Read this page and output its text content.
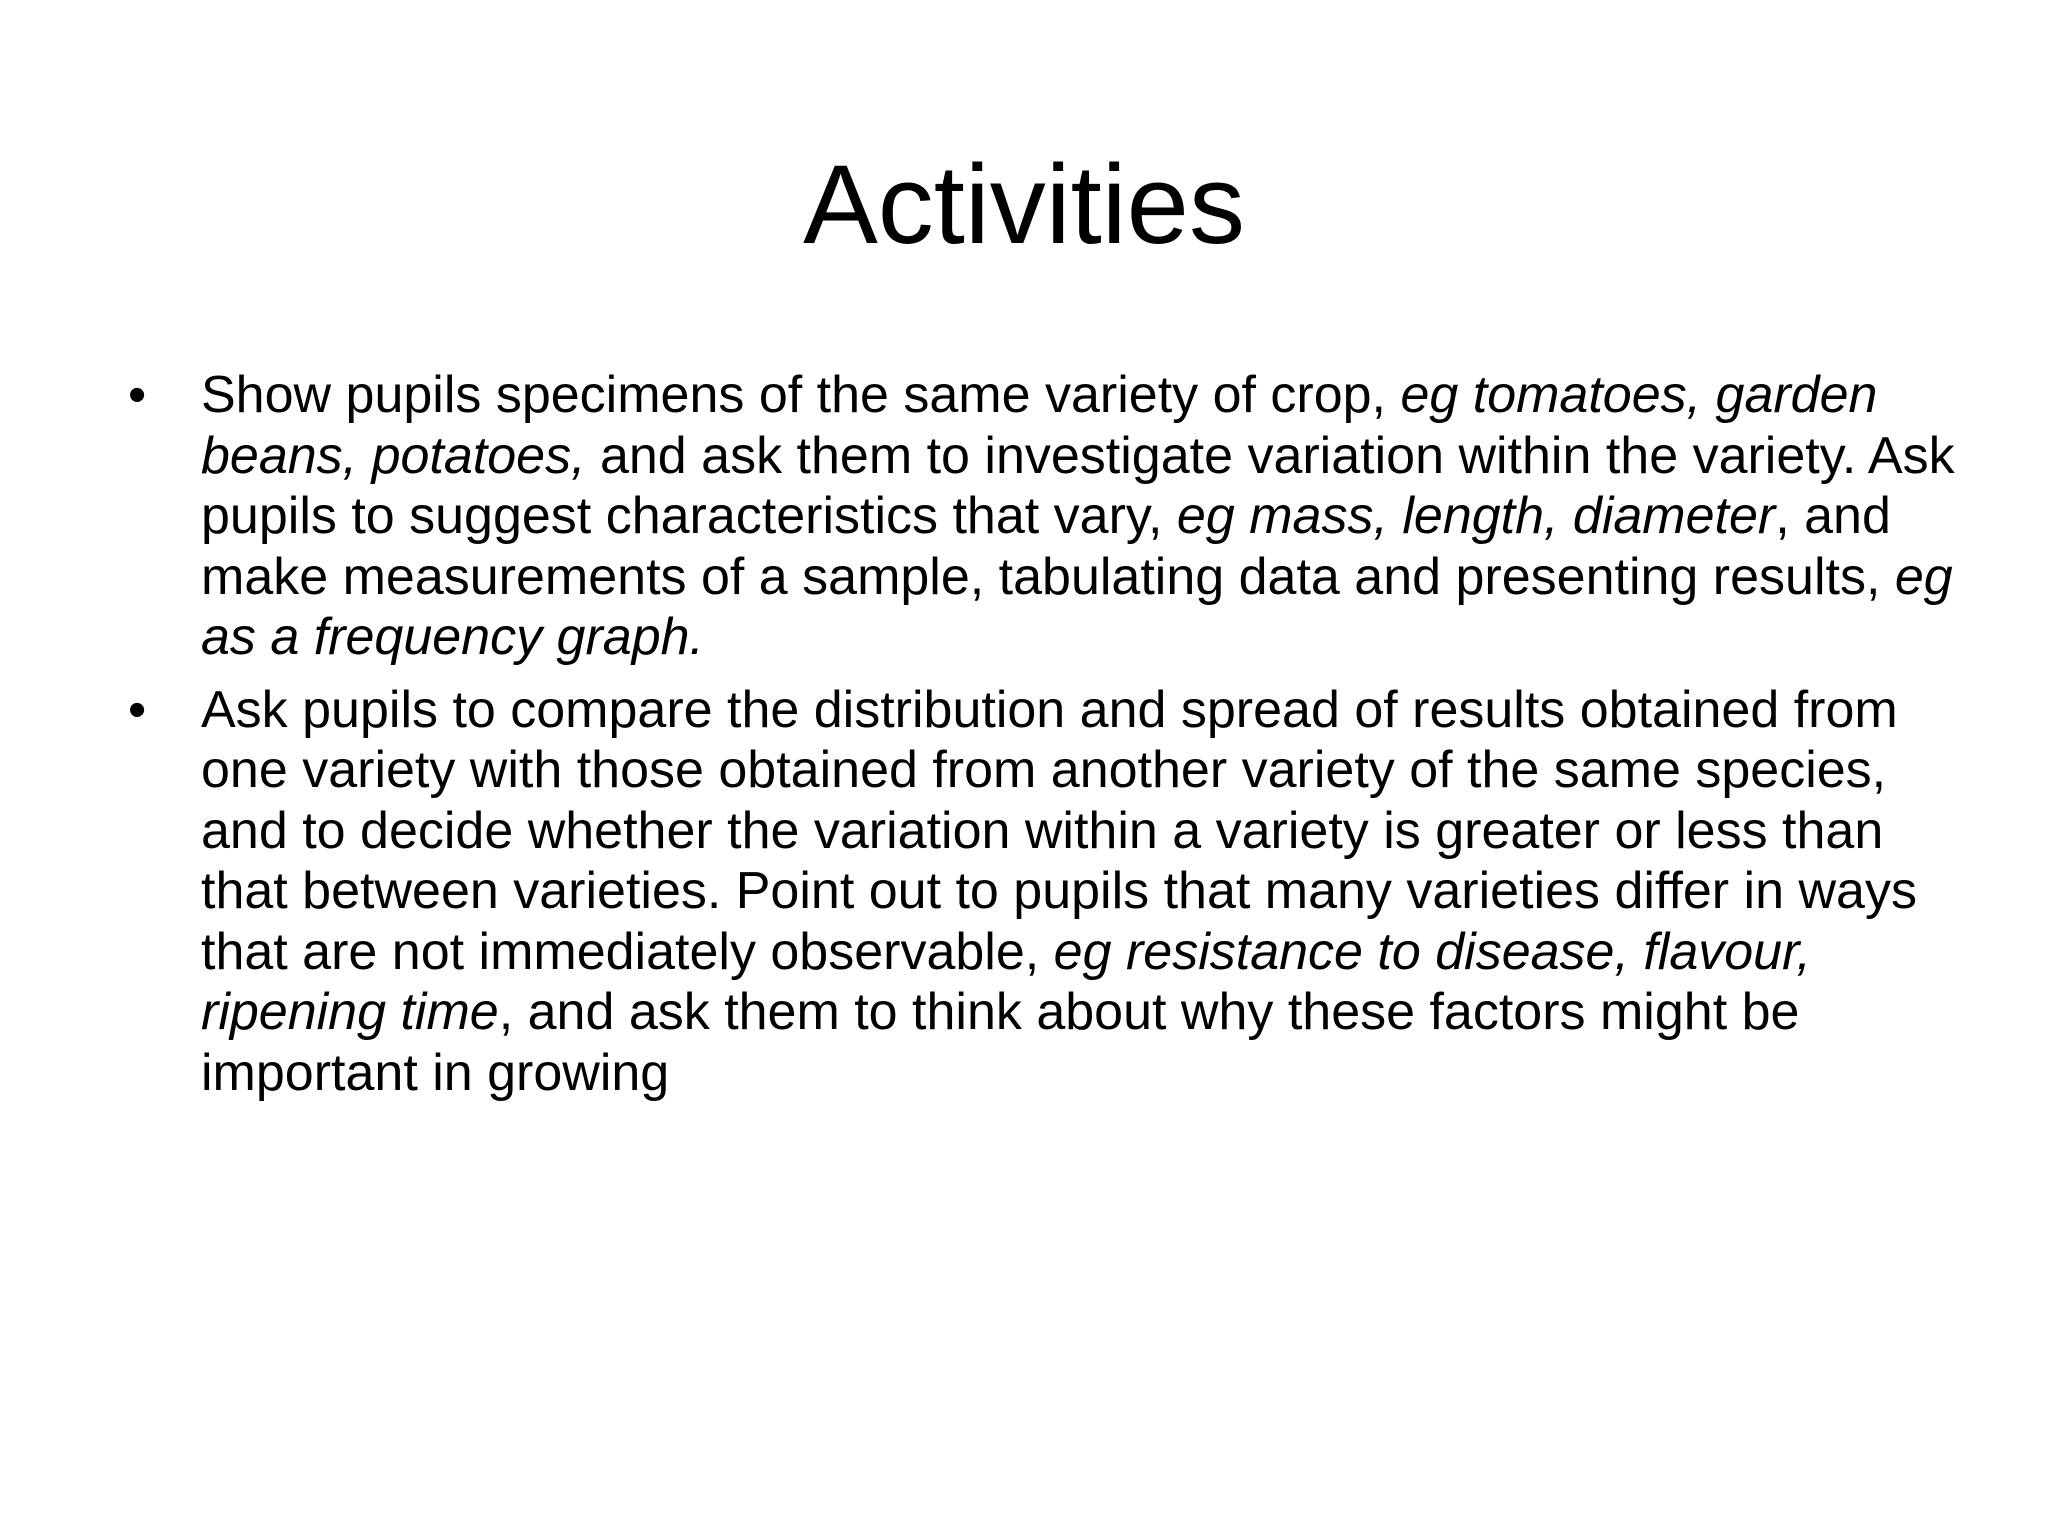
Activities
• Show pupils specimens of the same variety of crop, eg tomatoes, garden beans, potatoes, and ask them to investigate variation within the variety. Ask pupils to suggest characteristics that vary, eg mass, length, diameter, and make measurements of a sample, tabulating data and presenting results, eg as a frequency graph.
• Ask pupils to compare the distribution and spread of results obtained from one variety with those obtained from another variety of the same species, and to decide whether the variation within a variety is greater or less than that between varieties. Point out to pupils that many varieties differ in ways that are not immediately observable, eg resistance to disease, flavour, ripening time, and ask them to think about why these factors might be important in growing
